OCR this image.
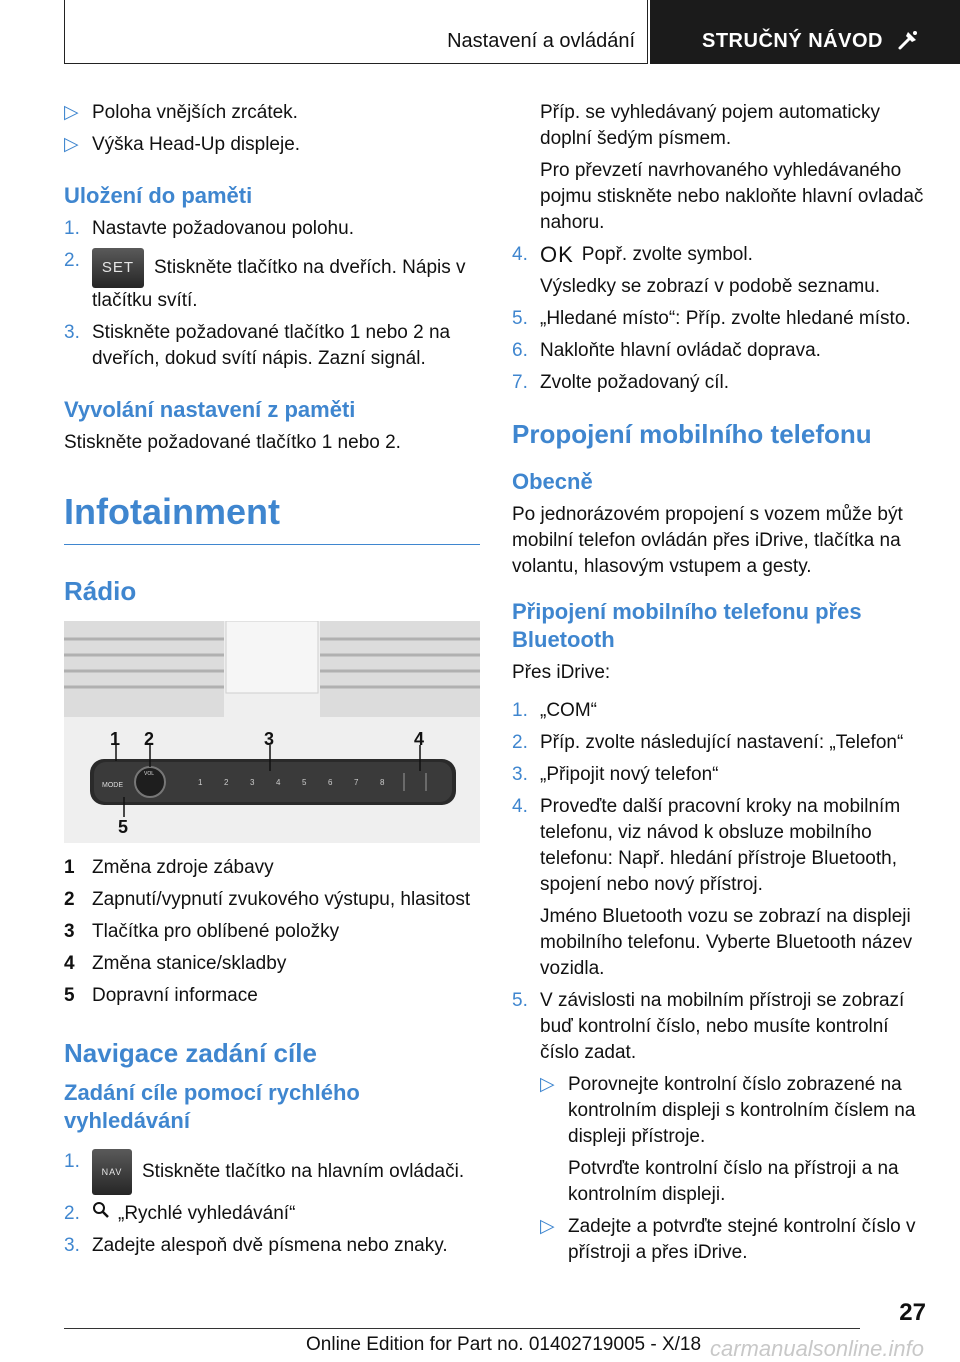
Nastavení a ovládání	STRUČNÝ NÁVOD
▷ Poloha vnějších zrcátek.
▷ Výška Head-Up displeje.
Uložení do paměti
1. Nastavte požadovanou polohu.
2.	SET Stiskněte tlačítko na dveřích. Nápis v tlačítku svítí.
3. Stiskněte požadované tlačítko 1 nebo 2 na dveřích, dokud svítí nápis. Zazní signál.
Vyvolání nastavení z paměti
Stiskněte požadované tlačítko 1 nebo 2.
Infotainment
Rádio
MODE
VOL
1	2	3	4	5	6	7	8
1 2	3	4
5
1 Změna zdroje zábavy
2 Zapnutí/vypnutí zvukového výstupu, hlasitost
3 Tlačítka pro oblíbené položky
4 Změna stanice/skladby
5 Dopravní informace
Navigace zadání cíle
Zadání cíle pomocí rychlého vyhledávání
1.	NAV Stiskněte tlačítko na hlavním ovládači.
2.	„Rychlé vyhledávání“
3. Zadejte alespoň dvě písmena nebo znaky.
Příp. se vyhledávaný pojem automaticky doplní šedým písmem.
Pro převzetí navrhovaného vyhledávaného pojmu stiskněte nebo nakloňte hlavní ovladač nahoru.
4. OK Popř. zvolte symbol.
Výsledky se zobrazí v podobě seznamu.
5. „Hledané místo“: Příp. zvolte hledané místo.
6. Nakloňte hlavní ovládač doprava.
7. Zvolte požadovaný cíl.
Propojení mobilního telefonu
Obecně
Po jednorázovém propojení s vozem může být mobilní telefon ovládán přes iDrive, tlačítka na volantu, hlasovým vstupem a gesty.
Připojení mobilního telefonu přes Bluetooth
Přes iDrive:
1. „COM“
2. Příp. zvolte následující nastavení: „Telefon“
3. „Připojit nový telefon“
4. Proveďte další pracovní kroky na mobilním telefonu, viz návod k obsluze mobilního telefonu: Např. hledání přístroje Bluetooth, spojení nebo nový přístroj.
Jméno Bluetooth vozu se zobrazí na displeji mobilního telefonu. Vyberte Bluetooth název vozidla.
5. V závislosti na mobilním přístroji se zobrazí buď kontrolní číslo, nebo musíte kontrolní číslo zadat.
▷ Porovnejte kontrolní číslo zobrazené na kontrolním displeji s kontrolním číslem na displeji přístroje.
Potvrďte kontrolní číslo na přístroji a na kontrolním displeji.
▷ Zadejte a potvrďte stejné kontrolní číslo v přístroji a přes iDrive.
27
Online Edition for Part no. 01402719005 - X/18 carmanualsonline.info
